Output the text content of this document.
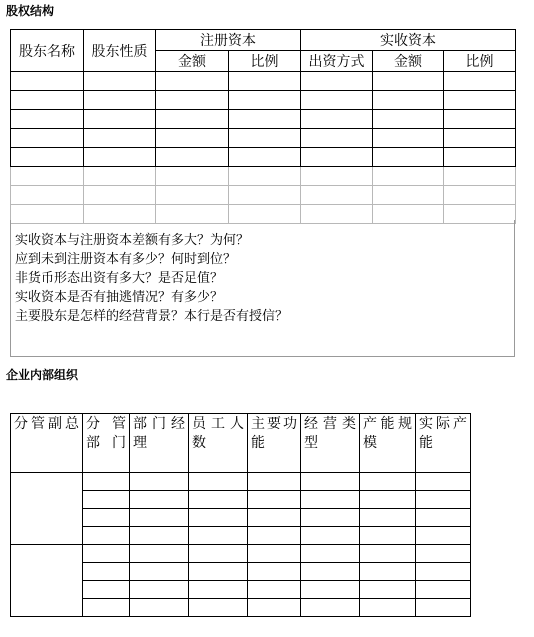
股权结构
股东名称	股东性质	注册资本		实收资本		
		金额	比例	出资方式	金额	比例

实收资本与注册资本差额有多大？为何？
应到未到注册资本有多少？何时到位？
非货币形态出资有多大？是否足值？
实收资本是否有抽逃情况？有多少？
主要股东是怎样的经营背景？本行是否有授信？
企业内部组织
分管副总	分管部门	部门经理	员工人数	主要功能	经营类型	产能规模	实际产能
